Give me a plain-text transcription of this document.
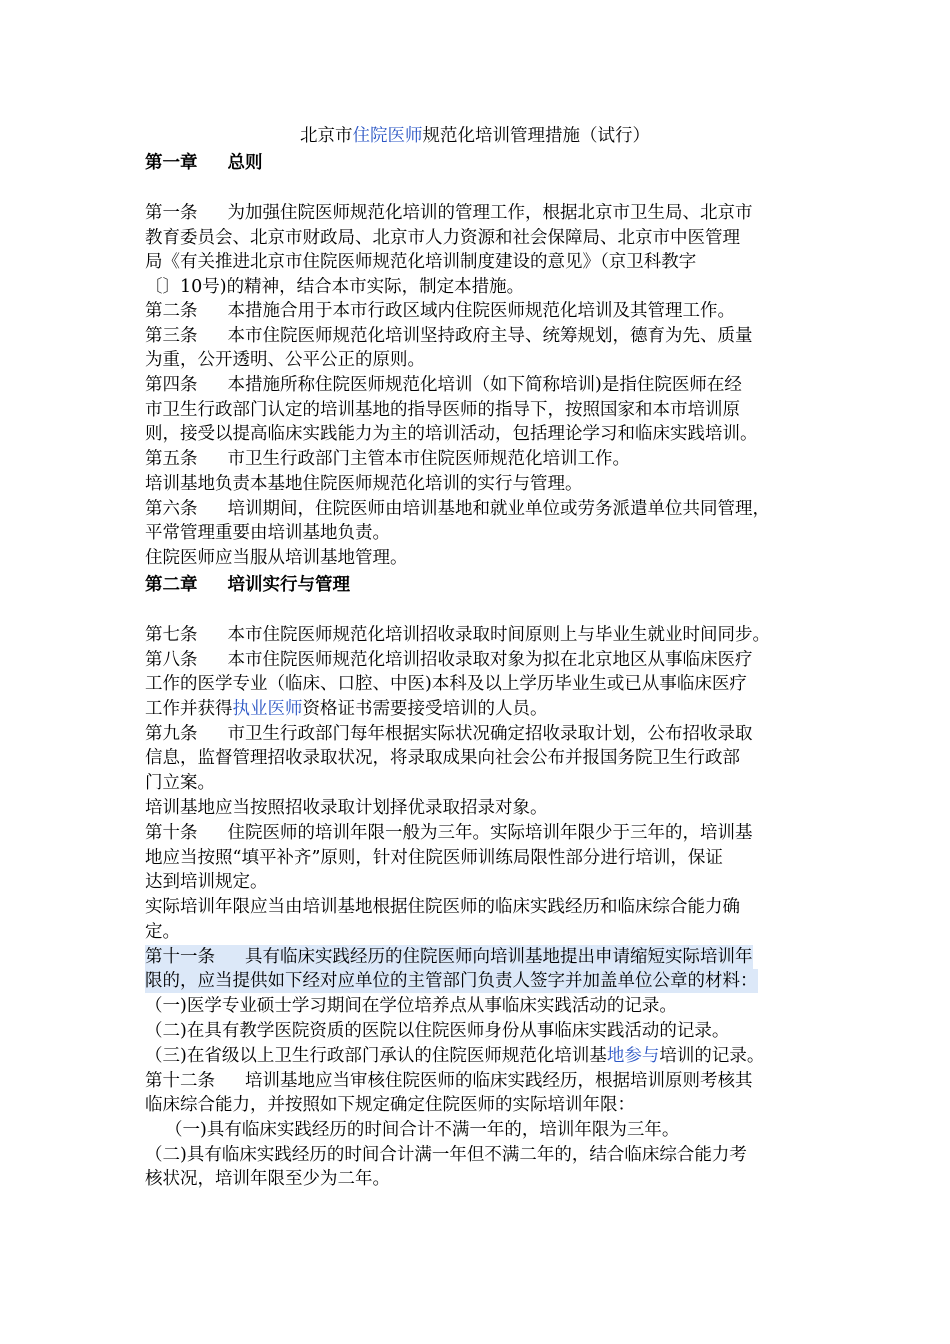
北京市住院医师规范化培训管理措施（试行）
第一章 总则
第一条 为加强住院医师规范化培训的管理工作，根据北京市卫生局、北京市
教育委员会、北京市财政局、北京市人力资源和社会保障局、北京市中医管理
局《有关推进北京市住院医师规范化培训制度建设的意见》（京卫科教字
〔〕10号)的精神，结合本市实际，制定本措施。
第二条 本措施合用于本市行政区域内住院医师规范化培训及其管理工作。
第三条 本市住院医师规范化培训坚持政府主导、统筹规划，德育为先、质量
为重，公开透明、公平公正的原则。
第四条 本措施所称住院医师规范化培训（如下简称培训)是指住院医师在经
市卫生行政部门认定的培训基地的指导医师的指导下，按照国家和本市培训原
则，接受以提高临床实践能力为主的培训活动，包括理论学习和临床实践培训。
第五条 市卫生行政部门主管本市住院医师规范化培训工作。
培训基地负责本基地住院医师规范化培训的实行与管理。
第六条 培训期间，住院医师由培训基地和就业单位或劳务派遣单位共同管理，
平常管理重要由培训基地负责。
住院医师应当服从培训基地管理。
第二章 培训实行与管理
第七条 本市住院医师规范化培训招收录取时间原则上与毕业生就业时间同步。
第八条 本市住院医师规范化培训招收录取对象为拟在北京地区从事临床医疗
工作的医学专业（临床、口腔、中医)本科及以上学历毕业生或已从事临床医疗
工作并获得执业医师资格证书需要接受培训的人员。
第九条 市卫生行政部门每年根据实际状况确定招收录取计划，公布招收录取
信息，监督管理招收录取状况，将录取成果向社会公布并报国务院卫生行政部
门立案。
培训基地应当按照招收录取计划择优录取招录对象。
第十条 住院医师的培训年限一般为三年。实际培训年限少于三年的，培训基
地应当按照“填平补齐”原则，针对住院医师训练局限性部分进行培训，保证
达到培训规定。
实际培训年限应当由培训基地根据住院医师的临床实践经历和临床综合能力确
定。
第十一条 具有临床实践经历的住院医师向培训基地提出申请缩短实际培训年
限的，应当提供如下经对应单位的主管部门负责人签字并加盖单位公章的材料：
（一)医学专业硕士学习期间在学位培养点从事临床实践活动的记录。
（二)在具有教学医院资质的医院以住院医师身份从事临床实践活动的记录。
（三)在省级以上卫生行政部门承认的住院医师规范化培训基地参与培训的记录。
第十二条 培训基地应当审核住院医师的临床实践经历，根据培训原则考核其
临床综合能力，并按照如下规定确定住院医师的实际培训年限：
（一)具有临床实践经历的时间合计不满一年的，培训年限为三年。
（二)具有临床实践经历的时间合计满一年但不满二年的，结合临床综合能力考
核状况，培训年限至少为二年。
